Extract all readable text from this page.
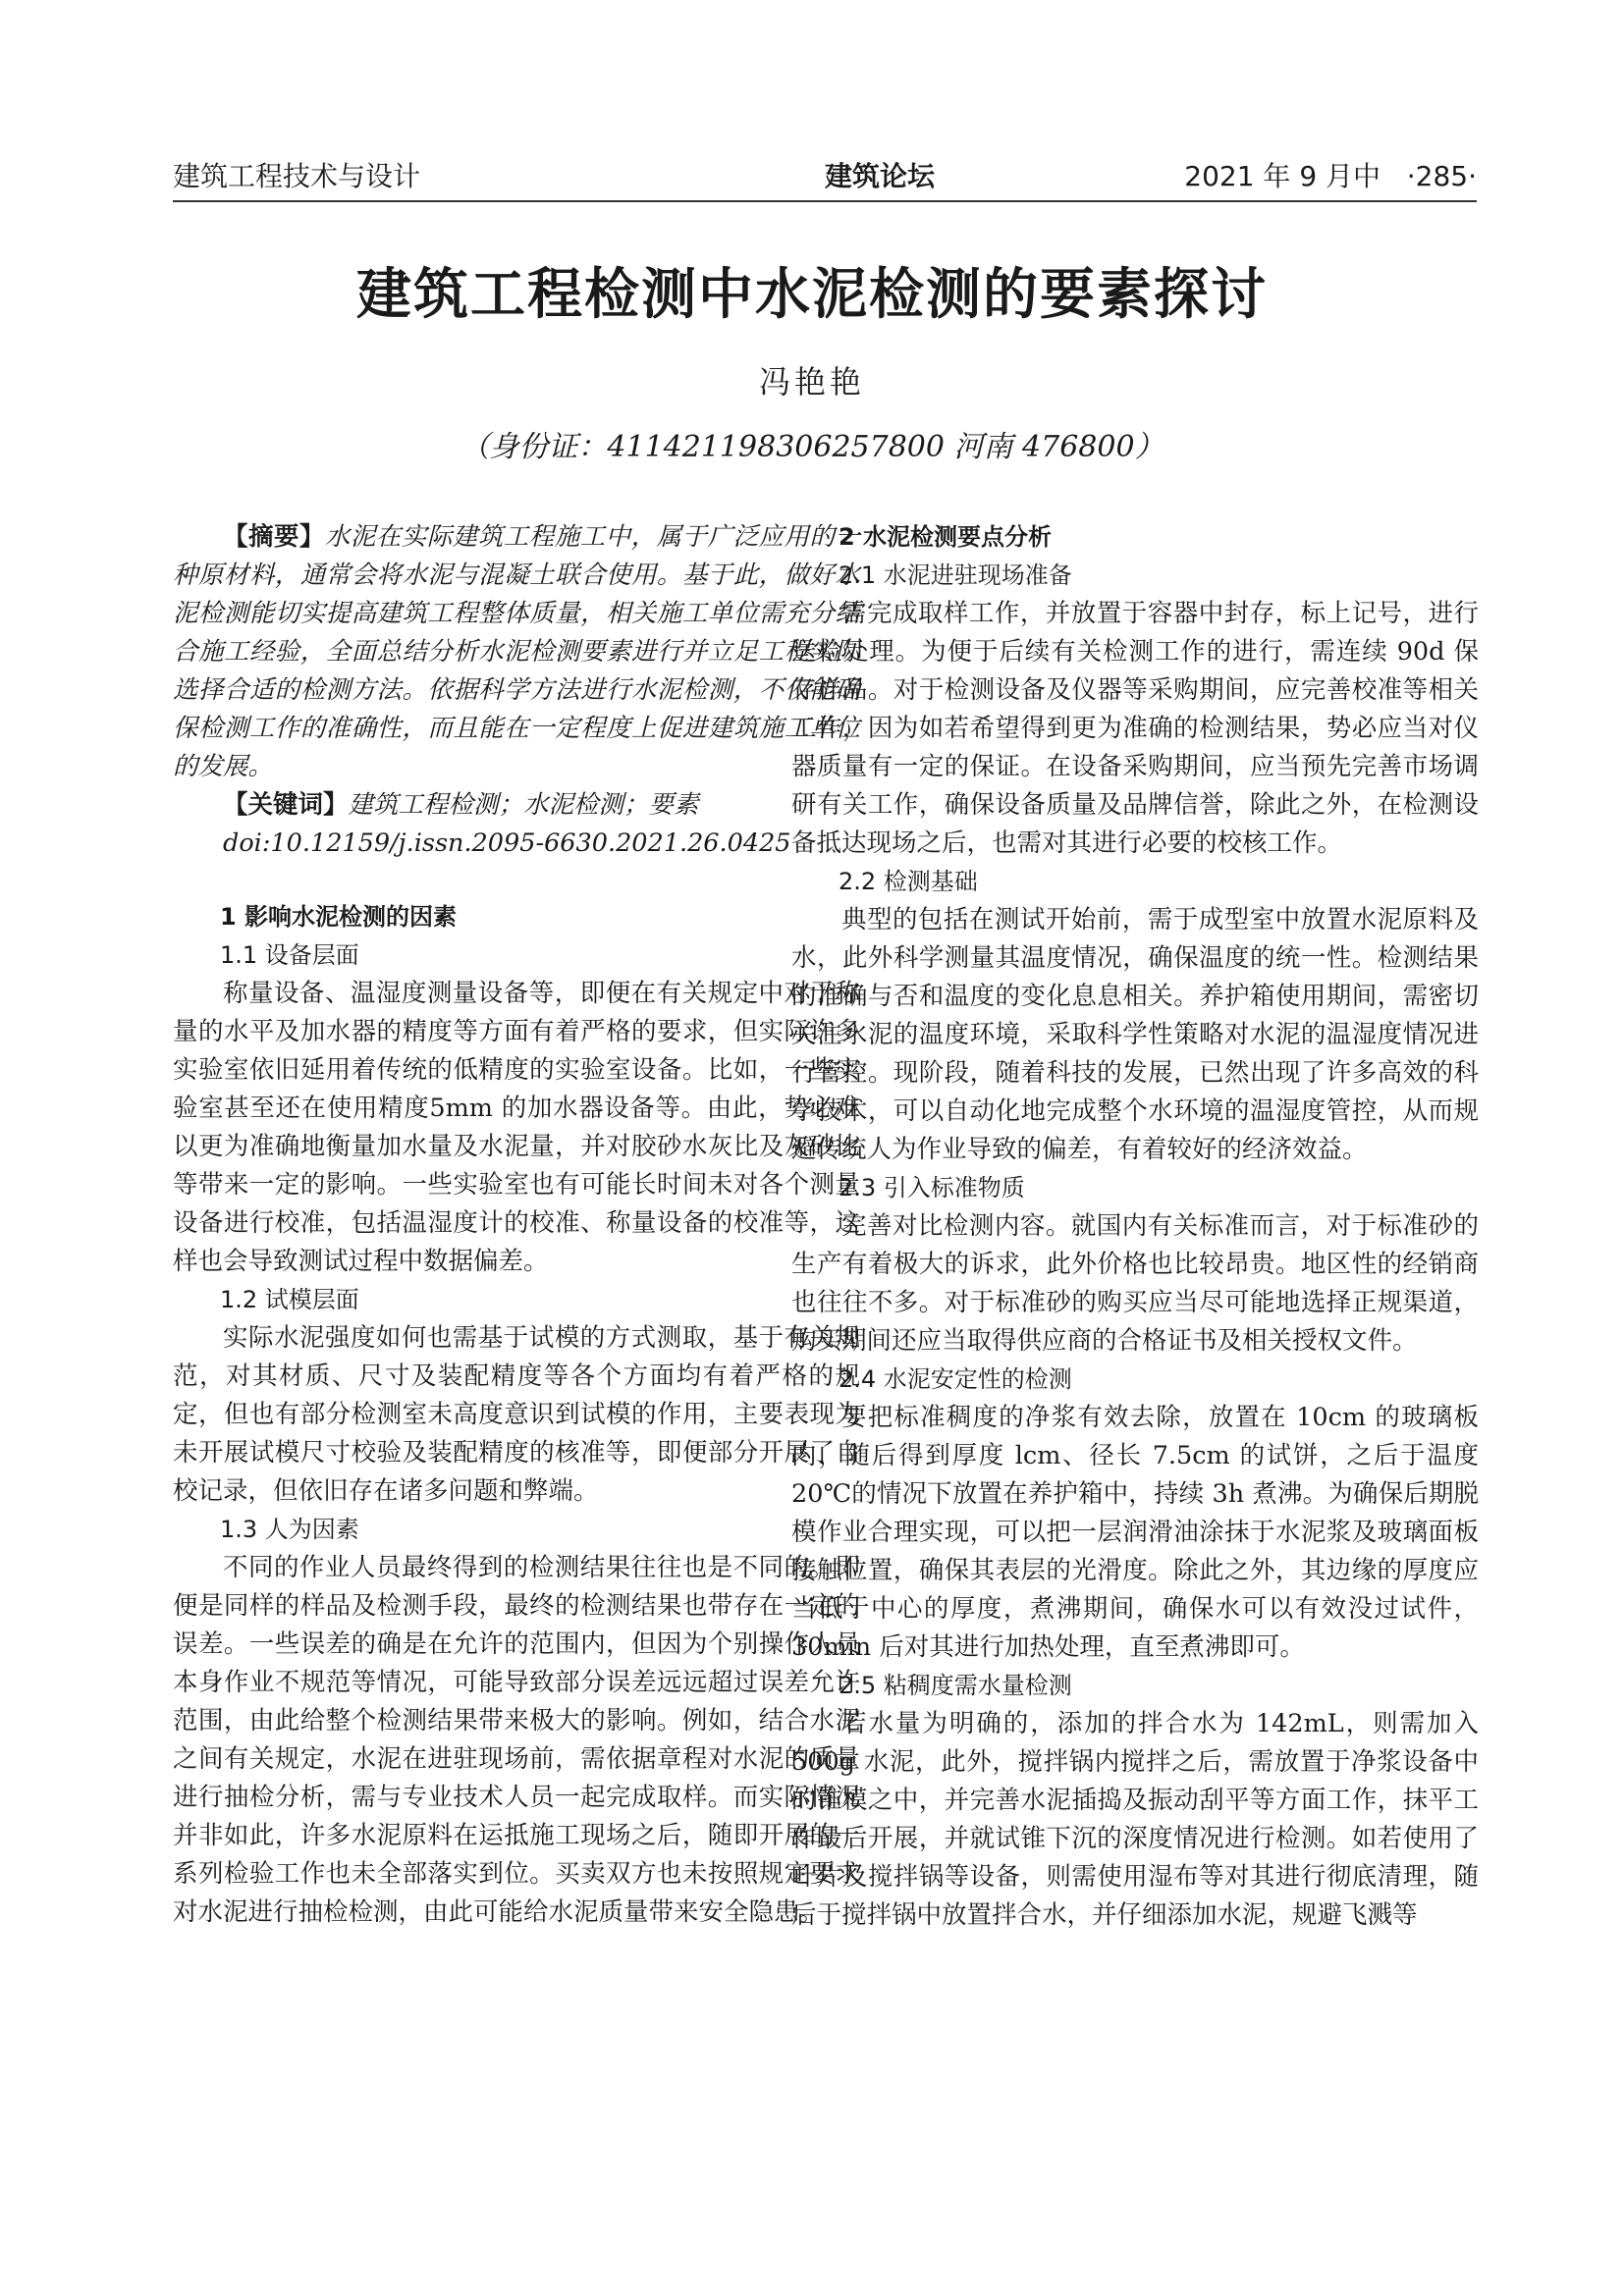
建筑工程技术与设计	建筑论坛	2021 年 9 月中 ·285·
建筑工程检测中水泥检测的要素探讨
冯艳艳
（身份证：411421198306257800 河南 476800）

【摘要】水泥在实际建筑工程施工中，属于广泛应用的一种原材料，通常会将水泥与混凝土联合使用。基于此，做好水泥检测能切实提高建筑工程整体质量，相关施工单位需充分结合施工经验，全面总结分析水泥检测要素进行并立足工程实际选择合适的检测方法。依据科学方法进行水泥检测，不仅能确保检测工作的准确性，而且能在一定程度上促进建筑施工单位的发展。

【关键词】建筑工程检测；水泥检测；要素

doi:10.12159/j.issn.2095-6630.2021.26.0425

1 影响水泥检测的因素
1.1 设备层面

称量设备、温湿度测量设备等，即便在有关规定中对于称量的水平及加水器的精度等方面有着严格的要求，但实际许多实验室依旧延用着传统的低精度的实验室设备。比如，一些实验室甚至还在使用精度5mm 的加水器设备等。由此，势必难以更为准确地衡量加水量及水泥量，并对胶砂水灰比及灰砂比等带来一定的影响。一些实验室也有可能长时间未对各个测量设备进行校准，包括温湿度计的校准、称量设备的校准等，这样也会导致测试过程中数据偏差。

1.2 试模层面

实际水泥强度如何也需基于试模的方式测取，基于有关规范，对其材质、尺寸及装配精度等各个方面均有着严格的规定，但也有部分检测室未高度意识到试模的作用，主要表现为未开展试模尺寸校验及装配精度的核准等，即便部分开展了自校记录，但依旧存在诸多问题和弊端。

1.3 人为因素

不同的作业人员最终得到的检测结果往往也是不同的。即便是同样的样品及检测手段，最终的检测结果也带存在一定的误差。一些误差的确是在允许的范围内，但因为个别操作人员本身作业不规范等情况，可能导致部分误差远远超过误差允许范围，由此给整个检测结果带来极大的影响。例如，结合水泥之间有关规定，水泥在进驻现场前，需依据章程对水泥的质量进行抽检分析，需与专业技术人员一起完成取样。而实际情况并非如此，许多水泥原料在运抵施工现场之后，随即开展的一系列检验工作也未全部落实到位。买卖双方也未按照规定要求对水泥进行抽检检测，由此可能给水泥质量带来安全隐患。

2 水泥检测要点分析
2.1 水泥进驻现场准备

需完成取样工作，并放置于容器中封存，标上记号，进行送检处理。为便于后续有关检测工作的进行，需连续 90d 保存样品。对于检测设备及仪器等采购期间，应完善校准等相关工作，因为如若希望得到更为准确的检测结果，势必应当对仪器质量有一定的保证。在设备采购期间，应当预先完善市场调研有关工作，确保设备质量及品牌信誉，除此之外，在检测设备抵达现场之后，也需对其进行必要的校核工作。

2.2 检测基础

典型的包括在测试开始前，需于成型室中放置水泥原料及水，此外科学测量其温度情况，确保温度的统一性。检测结果的准确与否和温度的变化息息相关。养护箱使用期间，需密切关注水泥的温度环境，采取科学性策略对水泥的温湿度情况进行管控。现阶段，随着科技的发展，已然出现了许多高效的科学技术，可以自动化地完成整个水环境的温湿度管控，从而规避传统人为作业导致的偏差，有着较好的经济效益。

2.3 引入标准物质

完善对比检测内容。就国内有关标准而言，对于标准砂的生产有着极大的诉求，此外价格也比较昂贵。地区性的经销商也往往不多。对于标准砂的购买应当尽可能地选择正规渠道，购买期间还应当取得供应商的合格证书及相关授权文件。

2.4 水泥安定性的检测

要把标准稠度的净浆有效去除，放置在 10cm 的玻璃板内，随后得到厚度 lcm、径长 7.5cm 的试饼，之后于温度 20℃的情况下放置在养护箱中，持续 3h 煮沸。为确保后期脱模作业合理实现，可以把一层润滑油涂抹于水泥浆及玻璃面板接触位置，确保其表层的光滑度。除此之外，其边缘的厚度应当低于中心的厚度，煮沸期间，确保水可以有效没过试件，30min 后对其进行加热处理，直至煮沸即可。

2.5 粘稠度需水量检测

若水量为明确的，添加的拌合水为 142mL，则需加入 500g 水泥，此外，搅拌锅内搅拌之后，需放置于净浆设备中的锥模之中，并完善水泥插捣及振动刮平等方面工作，抹平工作最后开展，并就试锥下沉的深度情况进行检测。如若使用了叶片及搅拌锅等设备，则需使用湿布等对其进行彻底清理，随后于搅拌锅中放置拌合水，并仔细添加水泥，规避飞溅等
